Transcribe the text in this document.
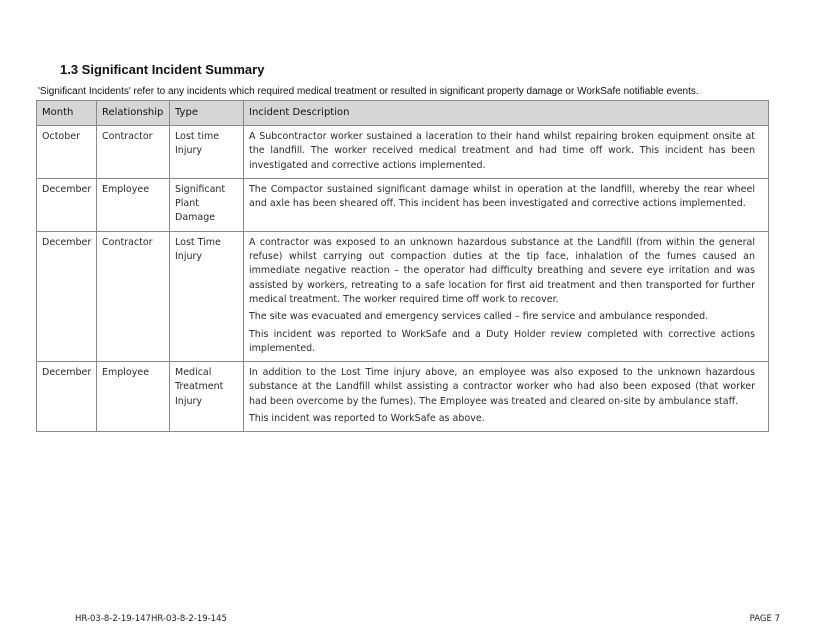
1.3 Significant Incident Summary

'Significant Incidents' refer to any incidents which required medical treatment or resulted in significant property damage or WorkSafe notifiable events.

Month	Relationship	Type	Incident Description
October	Contractor	Lost time Injury	A Subcontractor worker sustained a laceration to their hand whilst repairing broken equipment onsite at the landfill. The worker received medical treatment and had time off work. This incident has been investigated and corrective actions implemented.

December	Employee	Significant Plant Damage	The Compactor sustained significant damage whilst in operation at the landfill, whereby the rear wheel and axle has been sheared off. This incident has been investigated and corrective actions implemented.

December	Contractor	Lost Time Injury	A contractor was exposed to an unknown hazardous substance at the Landfill (from within the general refuse) whilst carrying out compaction duties at the tip face, inhalation of the fumes caused an immediate negative reaction – the operator had difficulty breathing and severe eye irritation and was assisted by workers, retreating to a safe location for first aid treatment and then transported for further medical treatment. The worker required time off work to recover.

The site was evacuated and emergency services called – fire service and ambulance responded.

This incident was reported to WorkSafe and a Duty Holder review completed with corrective actions implemented.

December	Employee	Medical Treatment Injury	In addition to the Lost Time injury above, an employee was also exposed to the unknown hazardous substance at the Landfill whilst assisting a contractor worker who had also been exposed (that worker had been overcome by the fumes). The Employee was treated and cleared on-site by ambulance staff.

This incident was reported to WorkSafe as above.

HR-03-8-2-19-147HR-03-8-2-19-145	PAGE 7
